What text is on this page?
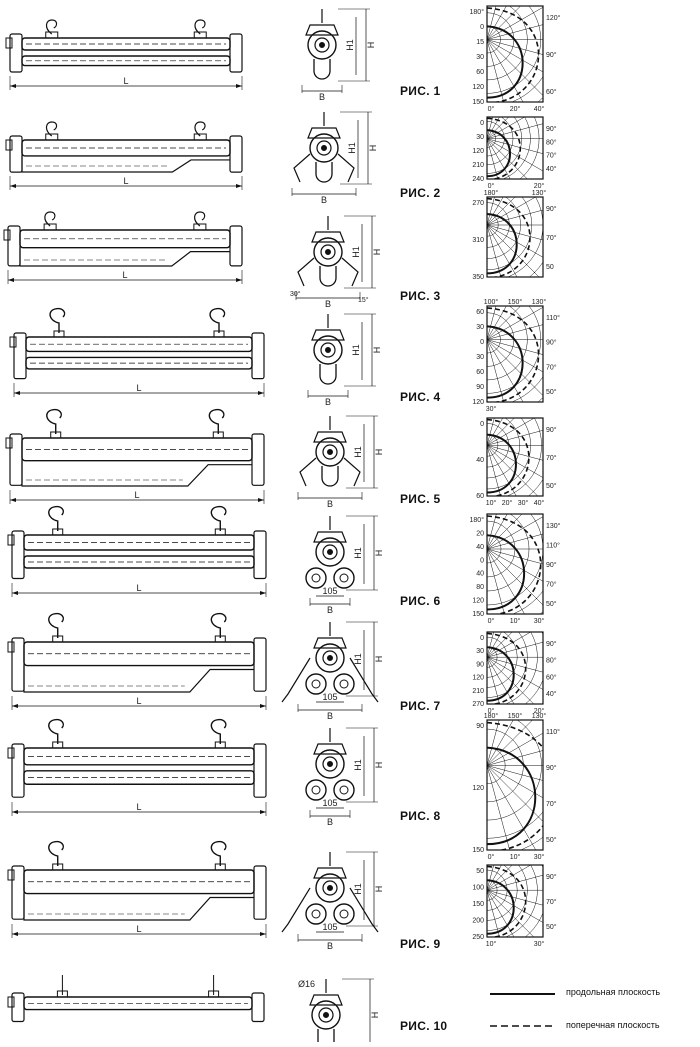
L
H
H1
B
180°
0
15
30
60
120
150
120°
90°
60°
0° 20° 40°
L
H
H1
B
0
30
120
210
240
90°
80°
70°
40°
0°	20°
L
H
H1
B
30°
15°
270
310
350
90°
70°
50
180°	130°
L
H
H1
B
60
30
0
30
60
90
120
110°
90°
70°
50°
30°
100° 150° 130°
L
H
H1
B
0
40
60
90°
70°
50°
10° 20° 30° 40°
L	105
H
H1
B
180°
20
40
0
40
80
120
150
130°
110°
90°
70°
50°
0° 10° 30°
L	105
H
H1
B
0
30
90
120
210
270
90°
80°
60°
40°
0°	20°
L	105
H
H1
B
90
120
150
110°
90°
70°
50°
0° 10° 30°
180° 150° 130°
L	105
H
H1
B
50
100
150
200
250
90°
70°
50°
10°	30°
H
Ø16
РИС. 1
РИС. 2
РИС. 3
РИС. 4
РИС. 5
РИС. 6
РИС. 7
РИС. 8
РИС. 9
РИС. 10
продольная плоскость
поперечная плоскость
